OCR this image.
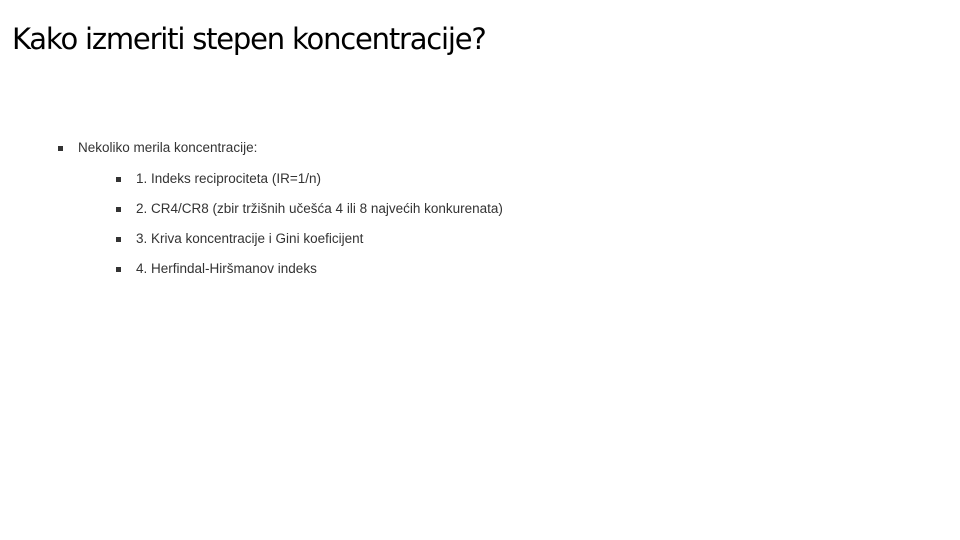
Kako izmeriti stepen koncentracije?
Nekoliko merila koncentracije:
1. Indeks reciprociteta (IR=1/n)
2. CR4/CR8 (zbir tržišnih učešća 4 ili 8 najvećih konkurenata)
3. Kriva koncentracije i Gini koeficijent
4. Herfindal-Hiršmanov indeks
